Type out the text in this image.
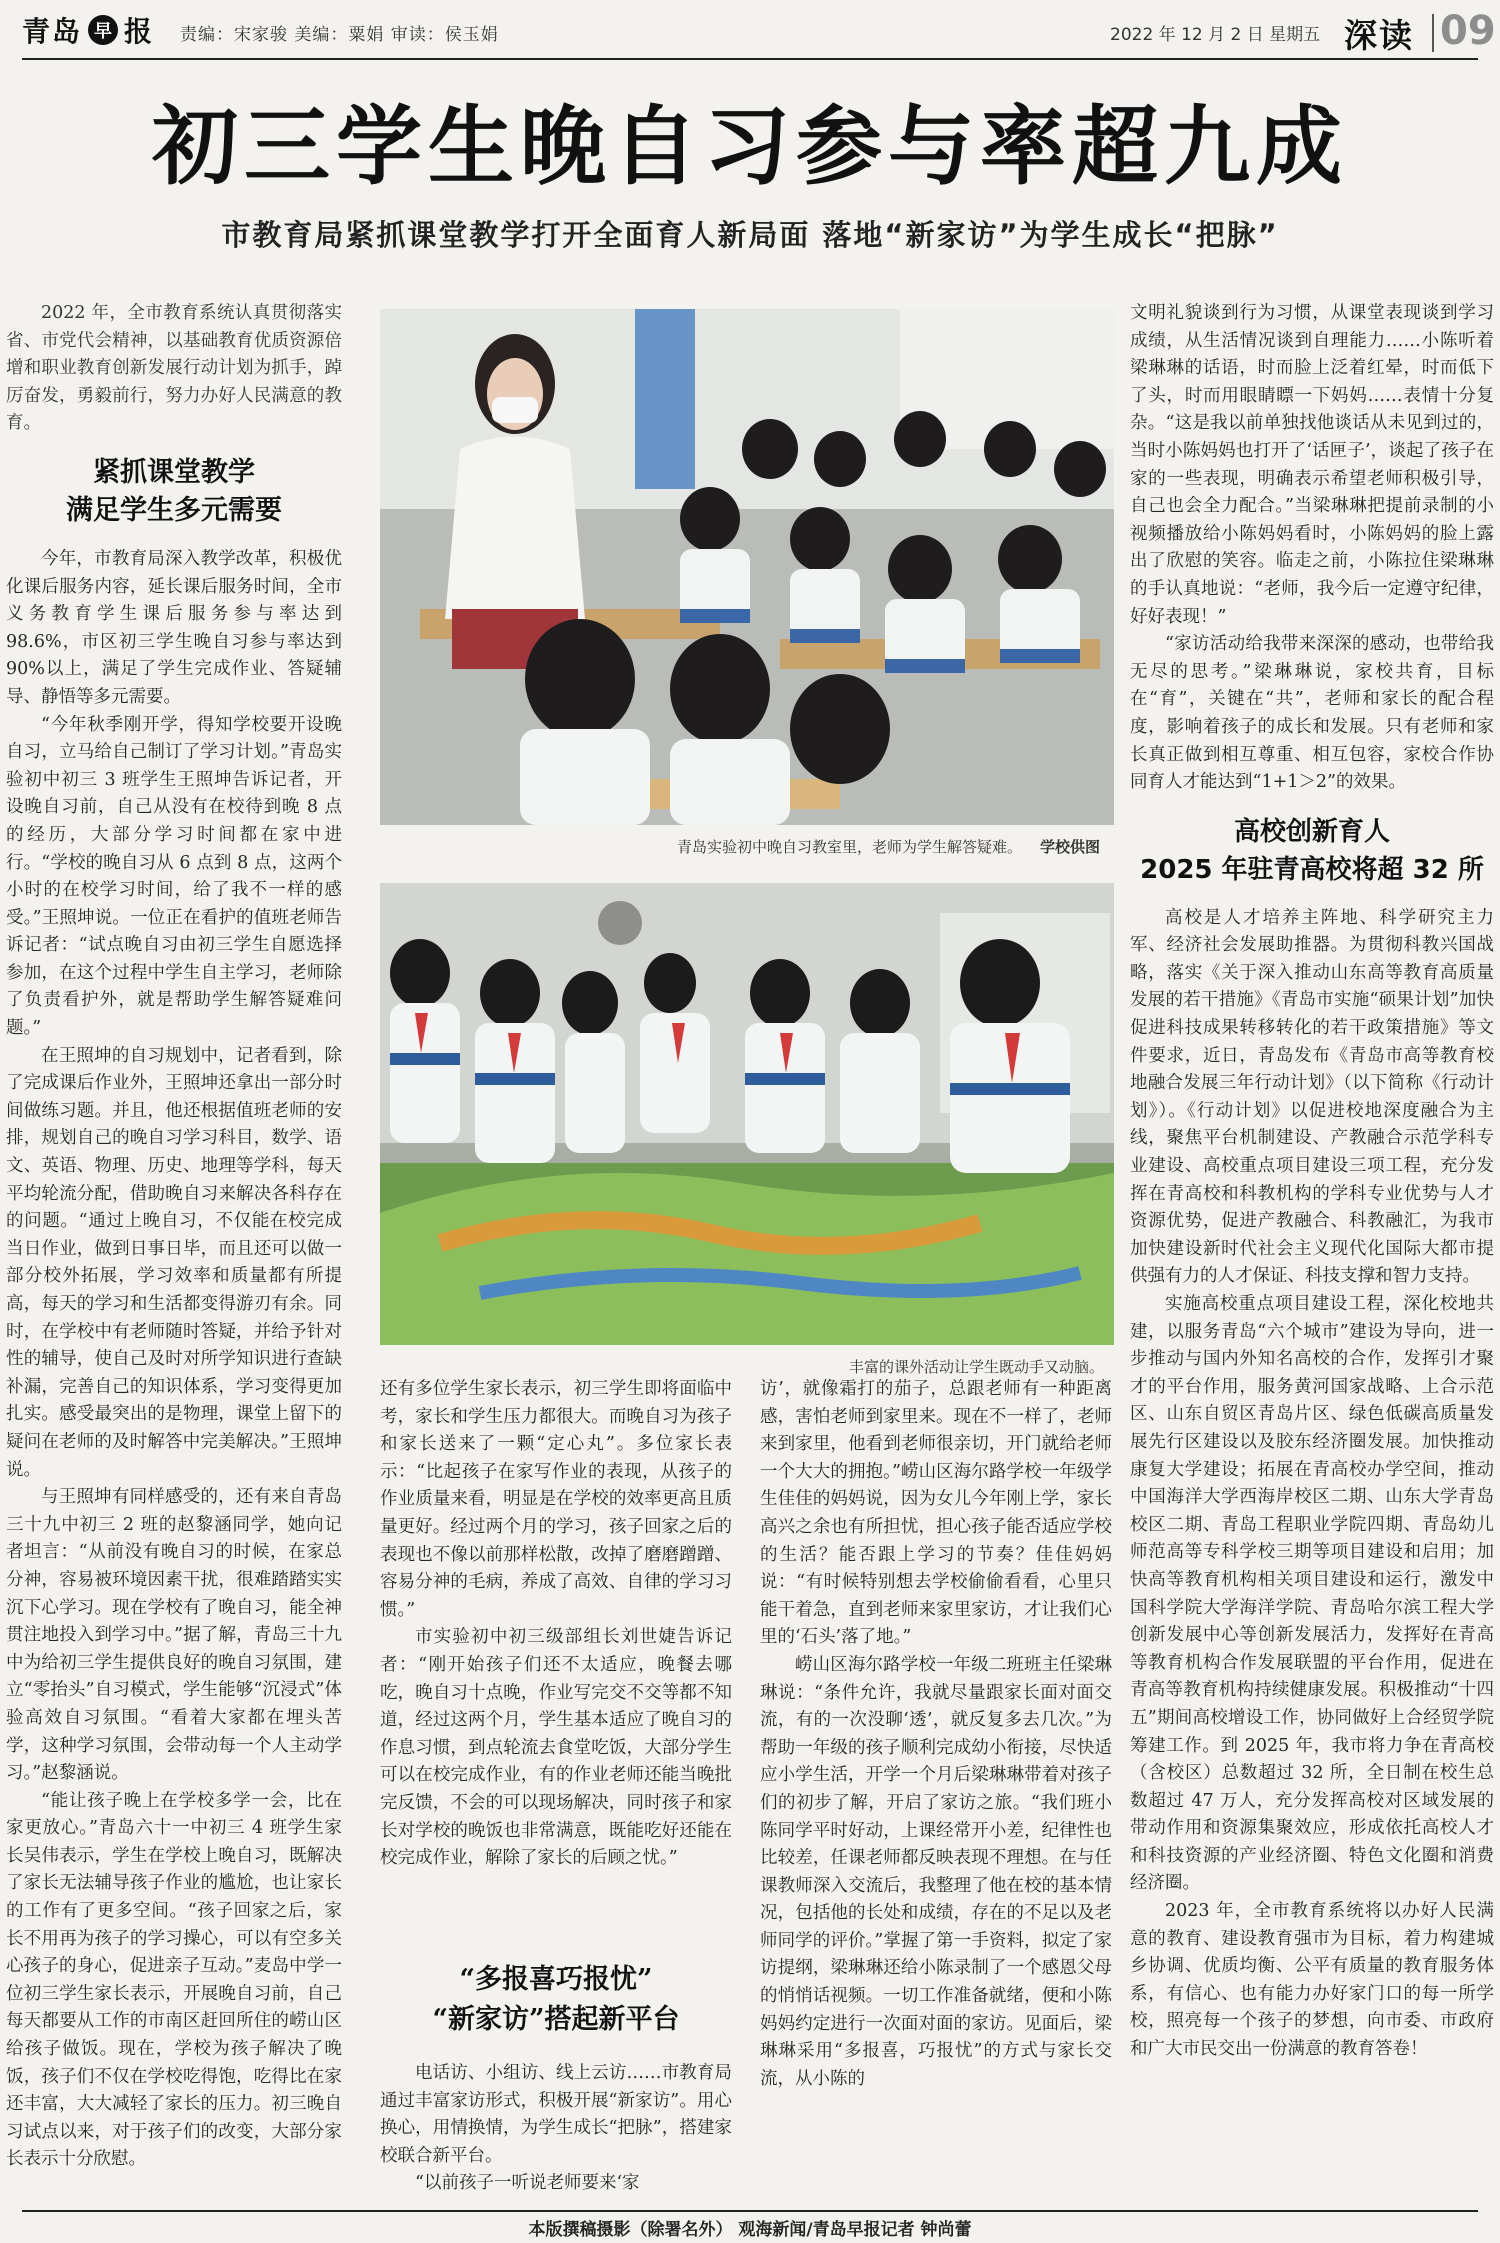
青岛 早 报 责编：宋家骏 美编：粟娟 审读：侯玉娟	2022 年 12 月 2 日 星期五 深读 09
初三学生晚自习参与率超九成
市教育局紧抓课堂教学打开全面育人新局面 落地“新家访”为学生成长“把脉”

2022 年，全市教育系统认真贯彻落实省、市党代会精神，以基础教育优质资源倍增和职业教育创新发展行动计划为抓手，踔厉奋发，勇毅前行，努力办好人民满意的教育。

紧抓课堂教学
满足学生多元需要

今年，市教育局深入教学改革，积极优化课后服务内容，延长课后服务时间，全市义务教育学生课后服务参与率达到 98.6%，市区初三学生晚自习参与率达到 90%以上，满足了学生完成作业、答疑辅导、静悟等多元需要。

“今年秋季刚开学，得知学校要开设晚自习，立马给自己制订了学习计划。”青岛实验初中初三 3 班学生王照坤告诉记者，开设晚自习前，自己从没有在校待到晚 8 点的经历，大部分学习时间都在家中进行。“学校的晚自习从 6 点到 8 点，这两个小时的在校学习时间，给了我不一样的感受。”王照坤说。一位正在看护的值班老师告诉记者：“试点晚自习由初三学生自愿选择参加，在这个过程中学生自主学习，老师除了负责看护外，就是帮助学生解答疑难问题。”

在王照坤的自习规划中，记者看到，除了完成课后作业外，王照坤还拿出一部分时间做练习题。并且，他还根据值班老师的安排，规划自己的晚自习学习科目，数学、语文、英语、物理、历史、地理等学科，每天平均轮流分配，借助晚自习来解决各科存在的问题。“通过上晚自习，不仅能在校完成当日作业，做到日事日毕，而且还可以做一部分校外拓展，学习效率和质量都有所提高，每天的学习和生活都变得游刃有余。同时，在学校中有老师随时答疑，并给予针对性的辅导，使自己及时对所学知识进行查缺补漏，完善自己的知识体系，学习变得更加扎实。感受最突出的是物理，课堂上留下的疑问在老师的及时解答中完美解决。”王照坤说。

与王照坤有同样感受的，还有来自青岛三十九中初三 2 班的赵黎涵同学，她向记者坦言：“从前没有晚自习的时候，在家总分神，容易被环境因素干扰，很难踏踏实实沉下心学习。现在学校有了晚自习，能全神贯注地投入到学习中。”据了解，青岛三十九中为给初三学生提供良好的晚自习氛围，建立“零抬头”自习模式，学生能够“沉浸式”体验高效自习氛围。“看着大家都在埋头苦学，这种学习氛围，会带动每一个人主动学习。”赵黎涵说。

“能让孩子晚上在学校多学一会，比在家更放心。”青岛六十一中初三 4 班学生家长吴伟表示，学生在学校上晚自习，既解决了家长无法辅导孩子作业的尴尬，也让家长的工作有了更多空间。“孩子回家之后，家长不用再为孩子的学习操心，可以有空多关心孩子的身心，促进亲子互动。”麦岛中学一位初三学生家长表示，开展晚自习前，自己每天都要从工作的市南区赶回所住的崂山区给孩子做饭。现在，学校为孩子解决了晚饭，孩子们不仅在学校吃得饱，吃得比在家还丰富，大大减轻了家长的压力。初三晚自习试点以来，对于孩子们的改变，大部分家长表示十分欣慰。

青岛实验初中晚自习教室里，老师为学生解答疑难。 学校供图
丰富的课外活动让学生既动手又动脑。

还有多位学生家长表示，初三学生即将面临中考，家长和学生压力都很大。而晚自习为孩子和家长送来了一颗“定心丸”。多位家长表示：“比起孩子在家写作业的表现，从孩子的作业质量来看，明显是在学校的效率更高且质量更好。经过两个月的学习，孩子回家之后的表现也不像以前那样松散，改掉了磨磨蹭蹭、容易分神的毛病，养成了高效、自律的学习习惯。”

市实验初中初三级部组长刘世婕告诉记者：“刚开始孩子们还不太适应，晚餐去哪吃，晚自习十点晚，作业写完交不交等都不知道，经过这两个月，学生基本适应了晚自习的作息习惯，到点轮流去食堂吃饭，大部分学生可以在校完成作业，有的作业老师还能当晚批完反馈，不会的可以现场解决，同时孩子和家长对学校的晚饭也非常满意，既能吃好还能在校完成作业，解除了家长的后顾之忧。”

“多报喜巧报忧”
“新家访”搭起新平台

电话访、小组访、线上云访……市教育局通过丰富家访形式，积极开展“新家访”。用心换心，用情换情，为学生成长“把脉”，搭建家校联合新平台。

“以前孩子一听说老师要来‘家

访’，就像霜打的茄子，总跟老师有一种距离感，害怕老师到家里来。现在不一样了，老师来到家里，他看到老师很亲切，开门就给老师一个大大的拥抱。”崂山区海尔路学校一年级学生佳佳的妈妈说，因为女儿今年刚上学，家长高兴之余也有所担忧，担心孩子能否适应学校的生活？能否跟上学习的节奏？佳佳妈妈说：“有时候特别想去学校偷偷看看，心里只能干着急，直到老师来家里家访，才让我们心里的‘石头’落了地。”

崂山区海尔路学校一年级二班班主任梁琳琳说：“条件允许，我就尽量跟家长面对面交流，有的一次没聊‘透’，就反复多去几次。”为帮助一年级的孩子顺利完成幼小衔接，尽快适应小学生活，开学一个月后梁琳琳带着对孩子们的初步了解，开启了家访之旅。“我们班小陈同学平时好动，上课经常开小差，纪律性也比较差，任课老师都反映表现不理想。在与任课教师深入交流后，我整理了他在校的基本情况，包括他的长处和成绩，存在的不足以及老师同学的评价。”掌握了第一手资料，拟定了家访提纲，梁琳琳还给小陈录制了一个感恩父母的悄悄话视频。一切工作准备就绪，便和小陈妈妈约定进行一次面对面的家访。见面后，梁琳琳采用“多报喜，巧报忧”的方式与家长交流，从小陈的

文明礼貌谈到行为习惯，从课堂表现谈到学习成绩，从生活情况谈到自理能力……小陈听着梁琳琳的话语，时而脸上泛着红晕，时而低下了头，时而用眼睛瞟一下妈妈……表情十分复杂。“这是我以前单独找他谈话从未见到过的，当时小陈妈妈也打开了‘话匣子’，谈起了孩子在家的一些表现，明确表示希望老师积极引导，自己也会全力配合。”当梁琳琳把提前录制的小视频播放给小陈妈妈看时，小陈妈妈的脸上露出了欣慰的笑容。临走之前，小陈拉住梁琳琳的手认真地说：“老师，我今后一定遵守纪律，好好表现！”

“家访活动给我带来深深的感动，也带给我无尽的思考。”梁琳琳说，家校共育，目标在“育”，关键在“共”，老师和家长的配合程度，影响着孩子的成长和发展。只有老师和家长真正做到相互尊重、相互包容，家校合作协同育人才能达到“1+1＞2”的效果。

高校创新育人
2025 年驻青高校将超 32 所

高校是人才培养主阵地、科学研究主力军、经济社会发展助推器。为贯彻科教兴国战略，落实《关于深入推动山东高等教育高质量发展的若干措施》《青岛市实施“硕果计划”加快促进科技成果转移转化的若干政策措施》等文件要求，近日，青岛发布《青岛市高等教育校地融合发展三年行动计划》（以下简称《行动计划》）。《行动计划》以促进校地深度融合为主线，聚焦平台机制建设、产教融合示范学科专业建设、高校重点项目建设三项工程，充分发挥在青高校和科教机构的学科专业优势与人才资源优势，促进产教融合、科教融汇，为我市加快建设新时代社会主义现代化国际大都市提供强有力的人才保证、科技支撑和智力支持。

实施高校重点项目建设工程，深化校地共建，以服务青岛“六个城市”建设为导向，进一步推动与国内外知名高校的合作，发挥引才聚才的平台作用，服务黄河国家战略、上合示范区、山东自贸区青岛片区、绿色低碳高质量发展先行区建设以及胶东经济圈发展。加快推动康复大学建设；拓展在青高校办学空间，推动中国海洋大学西海岸校区二期、山东大学青岛校区二期、青岛工程职业学院四期、青岛幼儿师范高等专科学校三期等项目建设和启用；加快高等教育机构相关项目建设和运行，激发中国科学院大学海洋学院、青岛哈尔滨工程大学创新发展中心等创新发展活力，发挥好在青高等教育机构合作发展联盟的平台作用，促进在青高等教育机构持续健康发展。积极推动“十四五”期间高校增设工作，协同做好上合经贸学院筹建工作。到 2025 年，我市将力争在青高校（含校区）总数超过 32 所，全日制在校生总数超过 47 万人，充分发挥高校对区域发展的带动作用和资源集聚效应，形成依托高校人才和科技资源的产业经济圈、特色文化圈和消费经济圈。

2023 年，全市教育系统将以办好人民满意的教育、建设教育强市为目标，着力构建城乡协调、优质均衡、公平有质量的教育服务体系，有信心、也有能力办好家门口的每一所学校，照亮每一个孩子的梦想，向市委、市政府和广大市民交出一份满意的教育答卷！

本版撰稿摄影（除署名外） 观海新闻/青岛早报记者 钟尚蕾
